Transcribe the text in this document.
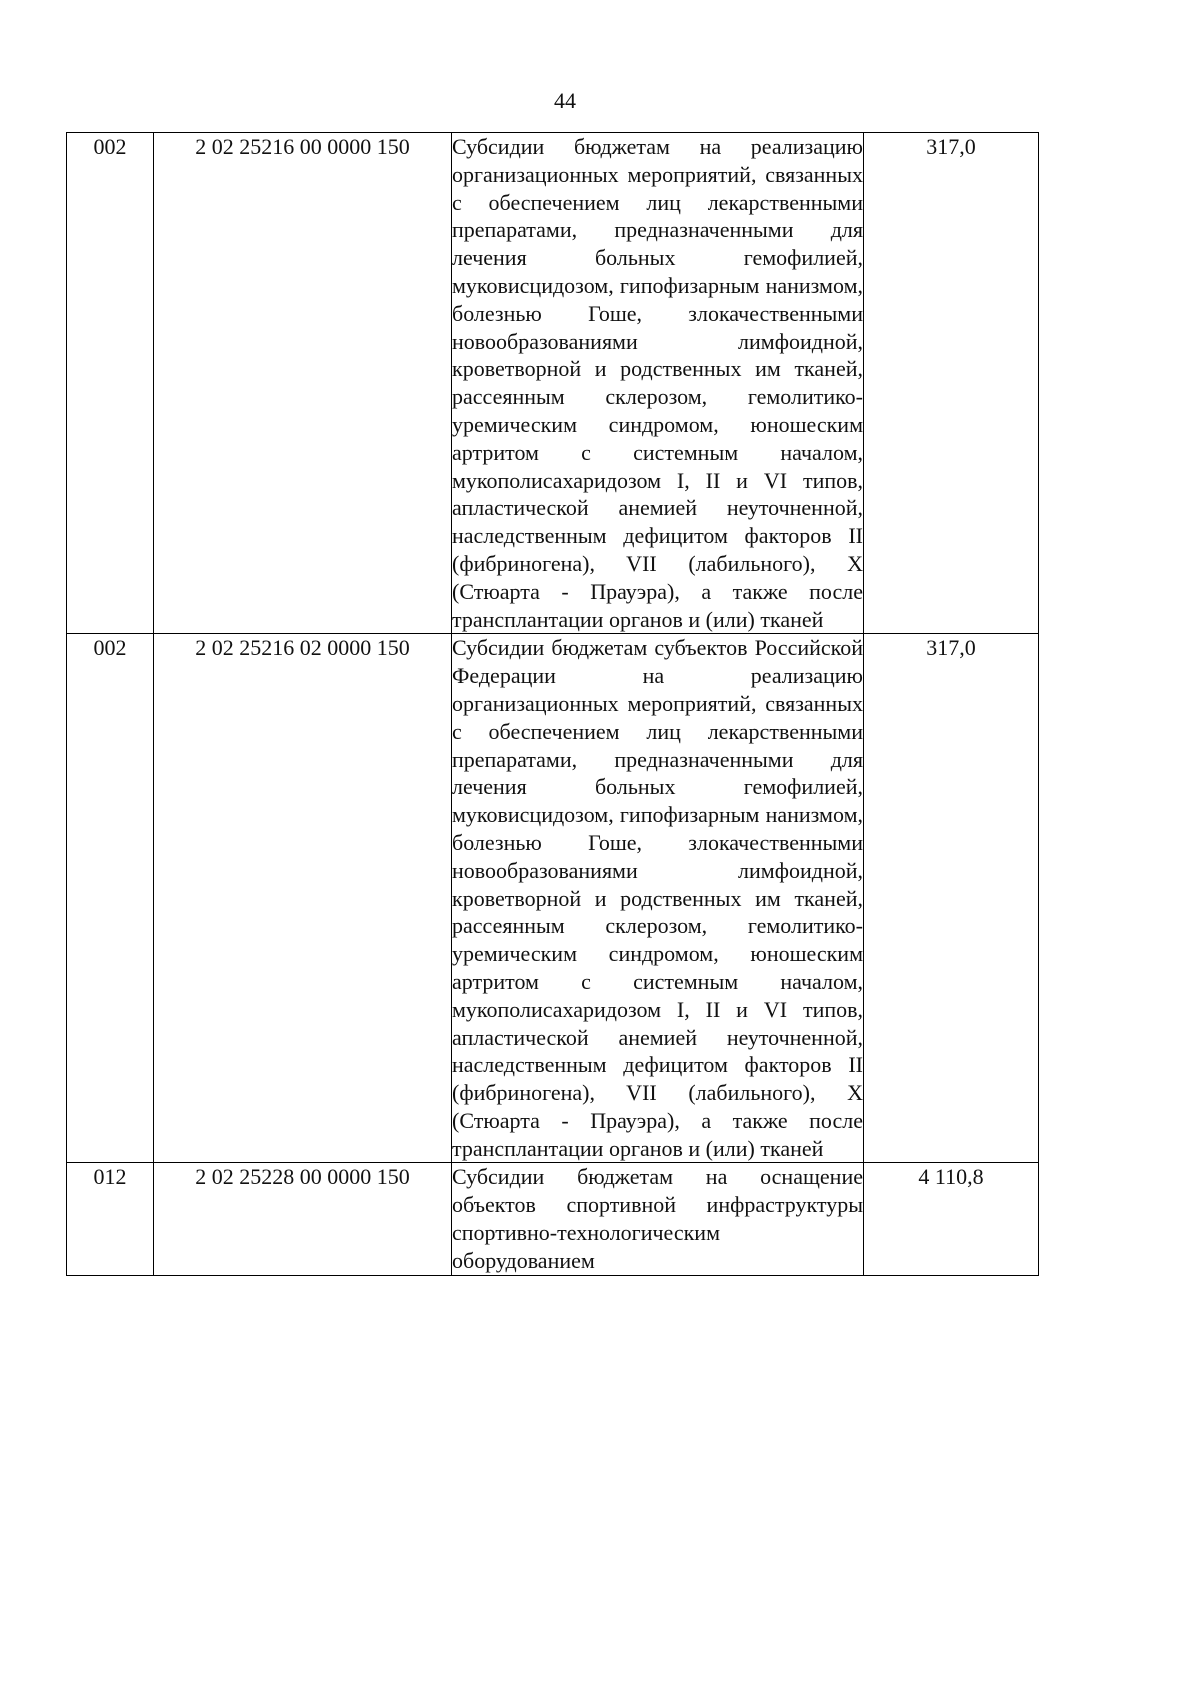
44
002	2 02 25216 00 0000 150	Субсидии бюджетам на реализацию организационных мероприятий, связанных с обеспечением лиц лекарственными препаратами, предназначенными для лечения больных гемофилией, муковисцидозом, гипофизарным нанизмом, болезнью Гоше, злокачественными новообразованиями лимфоидной, кроветворной и родственных им тканей, рассеянным склерозом, гемолитико-уремическим синдромом, юношеским артритом с системным началом, мукополисахаридозом I, II и VI типов, апластической анемией неуточненной, наследственным дефицитом факторов II (фибриногена), VII (лабильного), X (Стюарта - Прауэра), а также после трансплантации органов и (или) тканей	317,0
002	2 02 25216 02 0000 150	Субсидии бюджетам субъектов Российской Федерации на реализацию организационных мероприятий, связанных с обеспечением лиц лекарственными препаратами, предназначенными для лечения больных гемофилией, муковисцидозом, гипофизарным нанизмом, болезнью Гоше, злокачественными новообразованиями лимфоидной, кроветворной и родственных им тканей, рассеянным склерозом, гемолитико-уремическим синдромом, юношеским артритом с системным началом, мукополисахаридозом I, II и VI типов, апластической анемией неуточненной, наследственным дефицитом факторов II (фибриногена), VII (лабильного), X (Стюарта - Прауэра), а также после трансплантации органов и (или) тканей	317,0
012	2 02 25228 00 0000 150	Субсидии бюджетам на оснащение объектов спортивной инфраструктуры спортивно-технологическим оборудованием	4 110,8
